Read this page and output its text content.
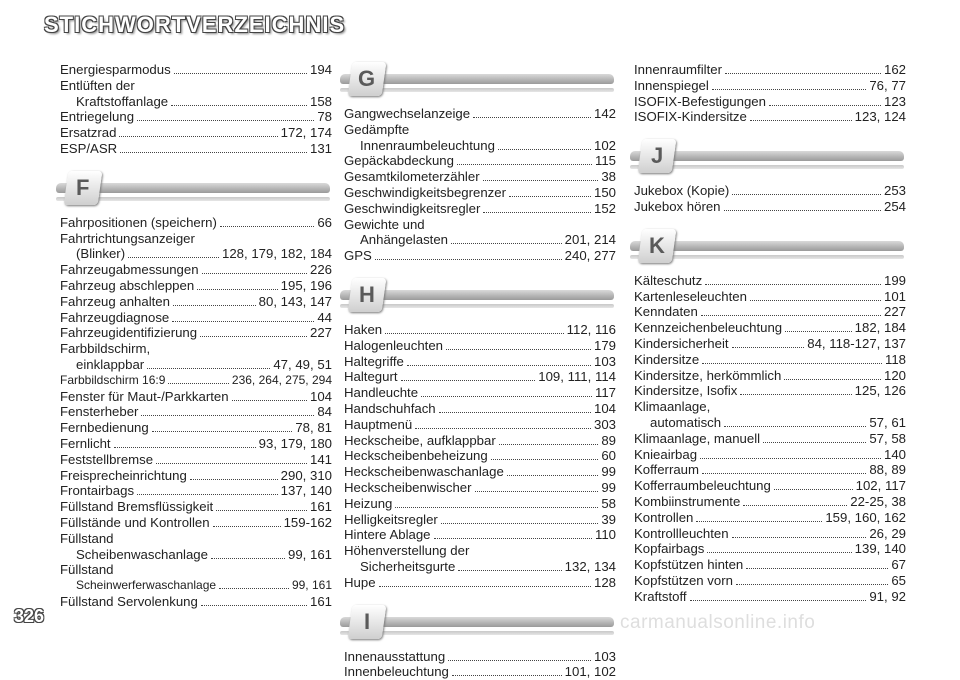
STICHWORTVERZEICHNIS
Energiesparmodus	194
Entlüften der
Kraftstoffanlage	158
Entriegelung	78
Ersatzrad	172, 174
ESP/ASR	131
F
Fahrpositionen (speichern)	66
Fahrtrichtungsanzeiger
(Blinker)	128, 179, 182, 184
Fahrzeugabmessungen	226
Fahrzeug abschleppen	195, 196
Fahrzeug anhalten	80, 143, 147
Fahrzeugdiagnose	44
Fahrzeugidentifizierung	227
Farbbildschirm,
einklappbar	47, 49, 51
Farbbildschirm 16:9	236, 264, 275, 294
Fenster für Maut-/Parkkarten	104
Fensterheber	84
Fernbedienung	78, 81
Fernlicht	93, 179, 180
Feststellbremse	141
Freisprecheinrichtung	290, 310
Frontairbags	137, 140
Füllstand Bremsflüssigkeit	161
Füllstände und Kontrollen	159-162
Füllstand
Scheibenwaschanlage	99, 161
Füllstand
Scheinwerferwaschanlage	99, 161
Füllstand Servolenkung	161
G
Gangwechselanzeige	142
Gedämpfte
Innenraumbeleuchtung	102
Gepäckabdeckung	115
Gesamtkilometerzähler	38
Geschwindigkeitsbegrenzer	150
Geschwindigkeitsregler	152
Gewichte und
Anhängelasten	201, 214
GPS	240, 277
H
Haken	112, 116
Halogenleuchten	179
Haltegriffe	103
Haltegurt	109, 111, 114
Handleuchte	117
Handschuhfach	104
Hauptmenü	303
Heckscheibe, aufklappbar	89
Heckscheibenbeheizung	60
Heckscheibenwaschanlage	99
Heckscheibenwischer	99
Heizung	58
Helligkeitsregler	39
Hintere Ablage	110
Höhenverstellung der
Sicherheitsgurte	132, 134
Hupe	128
I
Innenausstattung	103
Innenbeleuchtung	101, 102
Innenraumfilter	162
Innenspiegel	76, 77
ISOFIX-Befestigungen	123
ISOFIX-Kindersitze	123, 124
J
Jukebox (Kopie)	253
Jukebox hören	254
K
Kälteschutz	199
Kartenleseleuchten	101
Kenndaten	227
Kennzeichenbeleuchtung	182, 184
Kindersicherheit	84, 118-127, 137
Kindersitze	118
Kindersitze, herkömmlich	120
Kindersitze, Isofix	125, 126
Klimaanlage,
automatisch	57, 61
Klimaanlage, manuell	57, 58
Knieairbag	140
Kofferraum	88, 89
Kofferraumbeleuchtung	102, 117
Kombiinstrumente	22-25, 38
Kontrollen	159, 160, 162
Kontrollleuchten	26, 29
Kopfairbags	139, 140
Kopfstützen hinten	67
Kopfstützen vorn	65
Kraftstoff	91, 92
326	carmanualsonline.info
